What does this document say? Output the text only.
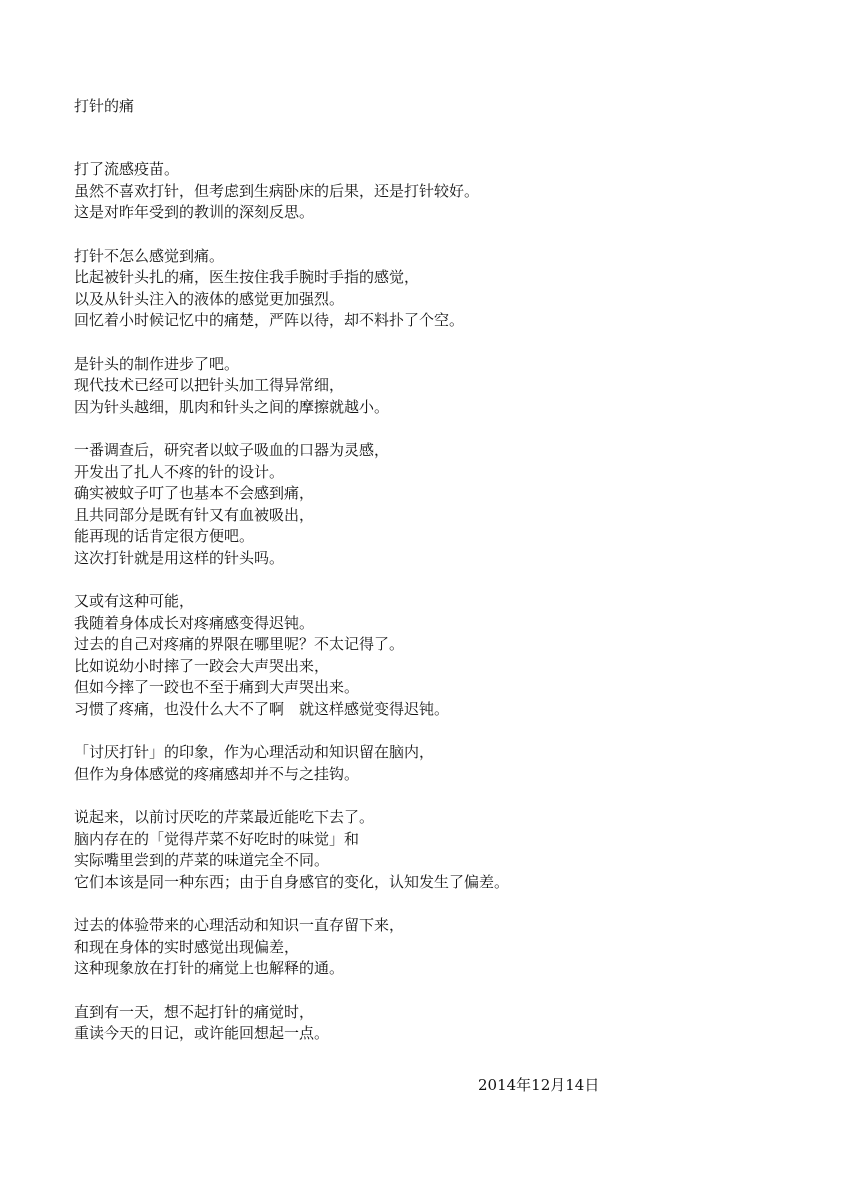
打针的痛
打了流感疫苗。
虽然不喜欢打针，但考虑到生病卧床的后果，还是打针较好。
这是对昨年受到的教训的深刻反思。
打针不怎么感觉到痛。
比起被针头扎的痛，医生按住我手腕时手指的感觉，
以及从针头注入的液体的感觉更加强烈。
回忆着小时候记忆中的痛楚，严阵以待，却不料扑了个空。
是针头的制作进步了吧。
现代技术已经可以把针头加工得异常细，
因为针头越细，肌肉和针头之间的摩擦就越小。
一番调查后，研究者以蚊子吸血的口器为灵感，
开发出了扎人不疼的针的设计。
确实被蚊子叮了也基本不会感到痛，
且共同部分是既有针又有血被吸出，
能再现的话肯定很方便吧。
这次打针就是用这样的针头吗。
又或有这种可能，
我随着身体成长对疼痛感变得迟钝。
过去的自己对疼痛的界限在哪里呢？不太记得了。
比如说幼小时摔了一跤会大声哭出来，
但如今摔了一跤也不至于痛到大声哭出来。
习惯了疼痛，也没什么大不了啊　就这样感觉变得迟钝。
「讨厌打针」的印象，作为心理活动和知识留在脑内，
但作为身体感觉的疼痛感却并不与之挂钩。
说起来，以前讨厌吃的芹菜最近能吃下去了。
脑内存在的「觉得芹菜不好吃时的味觉」和
实际嘴里尝到的芹菜的味道完全不同。
它们本该是同一种东西；由于自身感官的变化，认知发生了偏差。
过去的体验带来的心理活动和知识一直存留下来，
和现在身体的实时感觉出现偏差，
这种现象放在打针的痛觉上也解释的通。
直到有一天，想不起打针的痛觉时，
重读今天的日记，或许能回想起一点。
2014年12月14日
